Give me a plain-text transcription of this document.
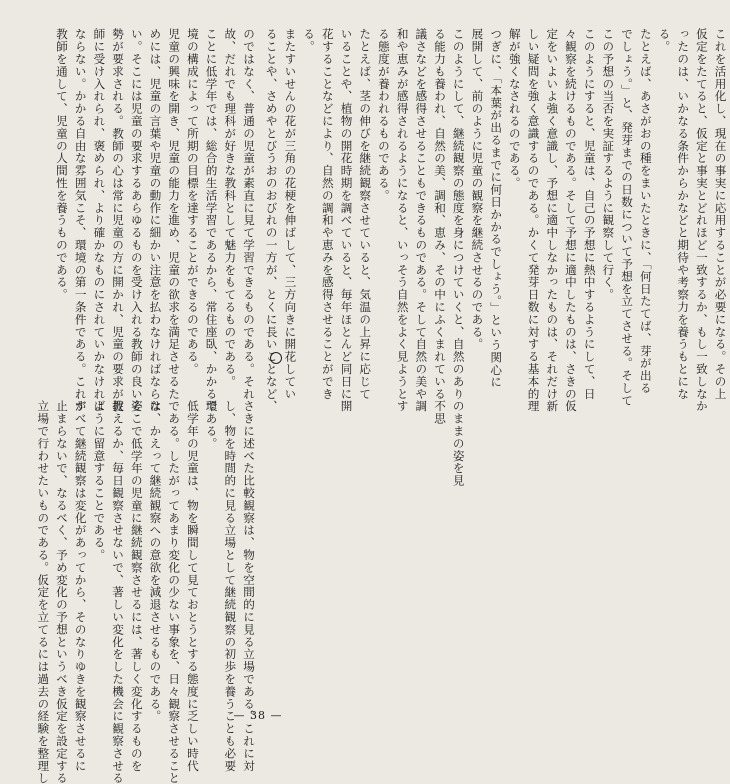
のではなく、普通の児童が素直に見て学習できるものである。それ
故、だれでも理科が好きな教科として魅力をもてるものである。
ことに低学年では、総合的生活学習であるから、常住座臥、かかる環
境の構成によって所期の目標を達することができるのである。
児童の興味を開き、児童の能力を進め、児童の欲求を満足させるた
めには、児童の言葉や児童の動作に細かい注意を払わなければならな
い。そこには児童の要求するあらゆるものを受け入れる教師の良い姿
勢が要求される。教師の心は常に児童の方に開かれ、児童の要求が教
師に受け入れられ、褒められ、より確かなものにされていかなければ
ならない。かかる自由な雰囲気こそ、環境の第一条件である。これが
教師を通して、児童の人間性を養うものである。
さきに述べた比較観察は、物を空間的に見る立場である。これに対
し、物を時間的に見る立場として継続観察の初歩を養うことも必要
である。
低学年の児童は、物を瞬間して見ておとうとする態度に乏しい時代
である。したがってあまり変化の少ない事象を、日々観察させること
は、かえって継続観察への意欲を減退させるものである。
そこで低学年の児童に継続観察させるには、著しく変化するものを
捉えるか、毎日観察させないで、著しい変化をした機会に観察させる
ように留意することである。
すべて継続観察は変化があってから、そのなりゆきを観察させるに
止まらないで、なるべく、予め変化の予想というべき仮定を設定する
立場で行わせたいものである。仮定を立てるには過去の経験を整理し
これを活用化し、現在の事実に応用することが必要になる。その上
仮定をたてると、仮定と事実とどれほど一致するか、もし一致しなか
ったのは、いかなる条件からかなどと期待や考察力を養うもとにな
る。
たとえば、あさがおの種をまいたときに、「何日たてば、芽が出る
でしょう。」と、発芽までの日数について予想を立てさせる。そして
この予想の当否を実証するように観察して行く。
このようにすると、児童は、自己の予想に熱中するようにして、日
々観察を続けるものである。そして予想に適中したものは、さきの仮
定をいよいよ強く意識し、予想に適中しなかったものは、それだけ新
しい疑問を強く意識するのである。かくて発芽日数に対する基本的理
解が強くなされるのである。
つぎに、「本葉が出るまでに何日かかるでしょう。」という関心に
展開して、前のように児童の観察を継続させるのである。
このようにして、継続観察の態度を身につけていくと、自然のありのままの姿を見
る能力も養われ、自然の美、調和、恵み、その中にふくまれている不思
議さなどを感得させることもできるものである。そして自然の美や調
和や恵みが感得されるようになると、いっそう自然をよく見ようとす
る態度が養われるものである。
たとえば、茎の伸びを継続観察させていると、気温の上昇に応じて
いることや、植物の開花時期を調べていると、毎年ほとんど同日に開
花することなどにより、自然の調和や恵みを感得させることができ
る。
またすいせんの花が三角の花梗を伸ばして、三方向きに開花してい
ることや、さめやとびうおのおびれの一方が、とくに長いことなど、
— 38 —
